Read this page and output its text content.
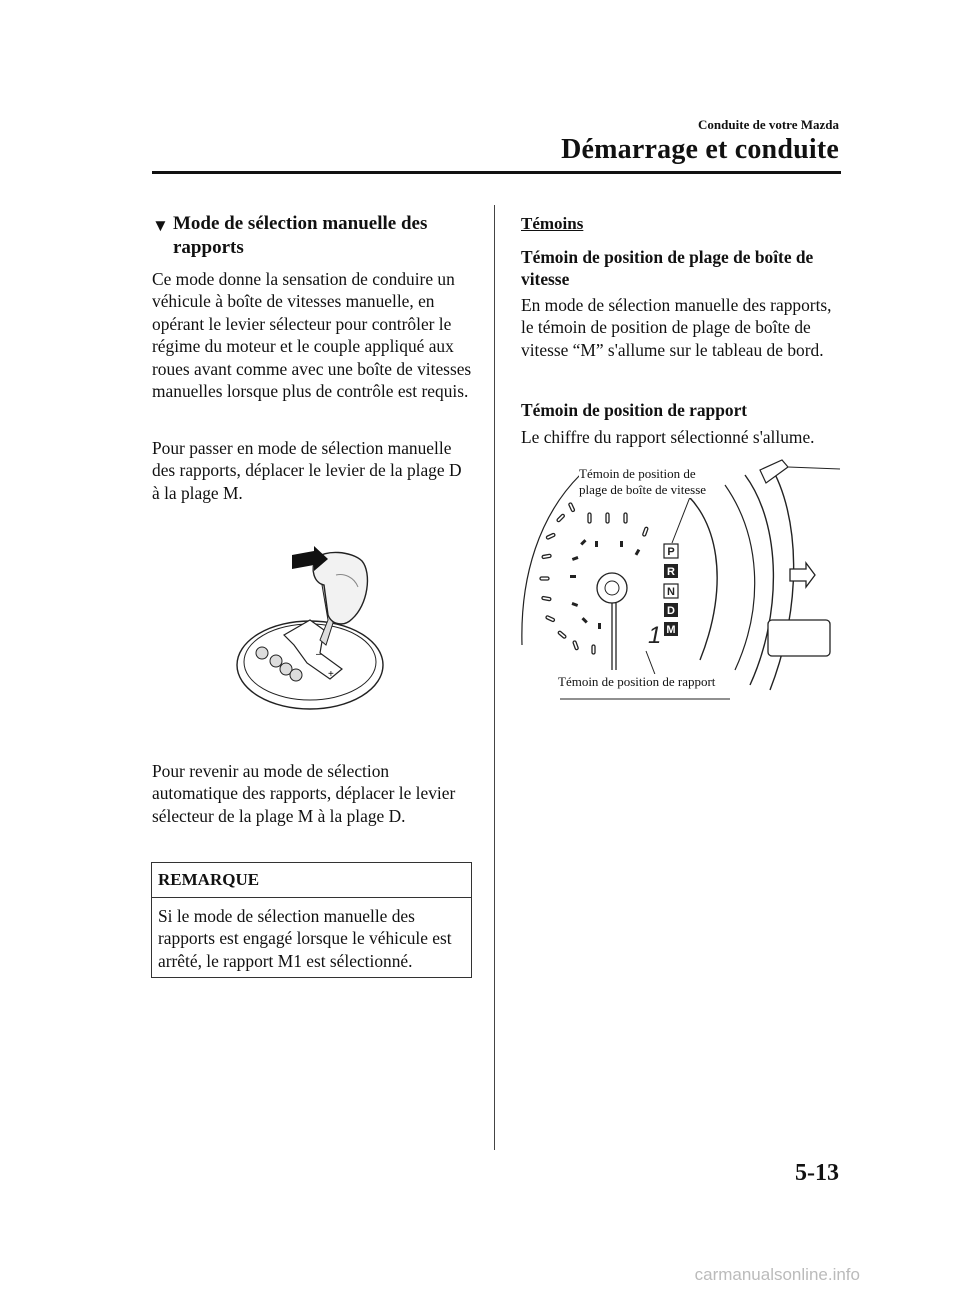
Conduite de votre Mazda
Démarrage et conduite
▼ Mode de sélection manuelle des rapports
Ce mode donne la sensation de conduire un véhicule à boîte de vitesses manuelle, en opérant le levier sélecteur pour contrôler le régime du moteur et le couple appliqué aux roues avant comme avec une boîte de vitesses manuelles lorsque plus de contrôle est requis.
Pour passer en mode de sélection manuelle des rapports, déplacer le levier de la plage D à la plage M.
–
+
Pour revenir au mode de sélection automatique des rapports, déplacer le levier sélecteur de la plage M à la plage D.
REMARQUE
Si le mode de sélection manuelle des rapports est engagé lorsque le véhicule est arrêté, le rapport M1 est sélectionné.
Témoins
Témoin de position de plage de boîte de vitesse
En mode de sélection manuelle des rapports, le témoin de position de plage de boîte de vitesse “M” s'allume sur le tableau de bord.
Témoin de position de rapport
Le chiffre du rapport sélectionné s'allume.
P
R
N
D
M
1
Témoin de position de
plage de boîte de vitesse
Témoin de position de rapport
5-13
carmanualsonline.info
